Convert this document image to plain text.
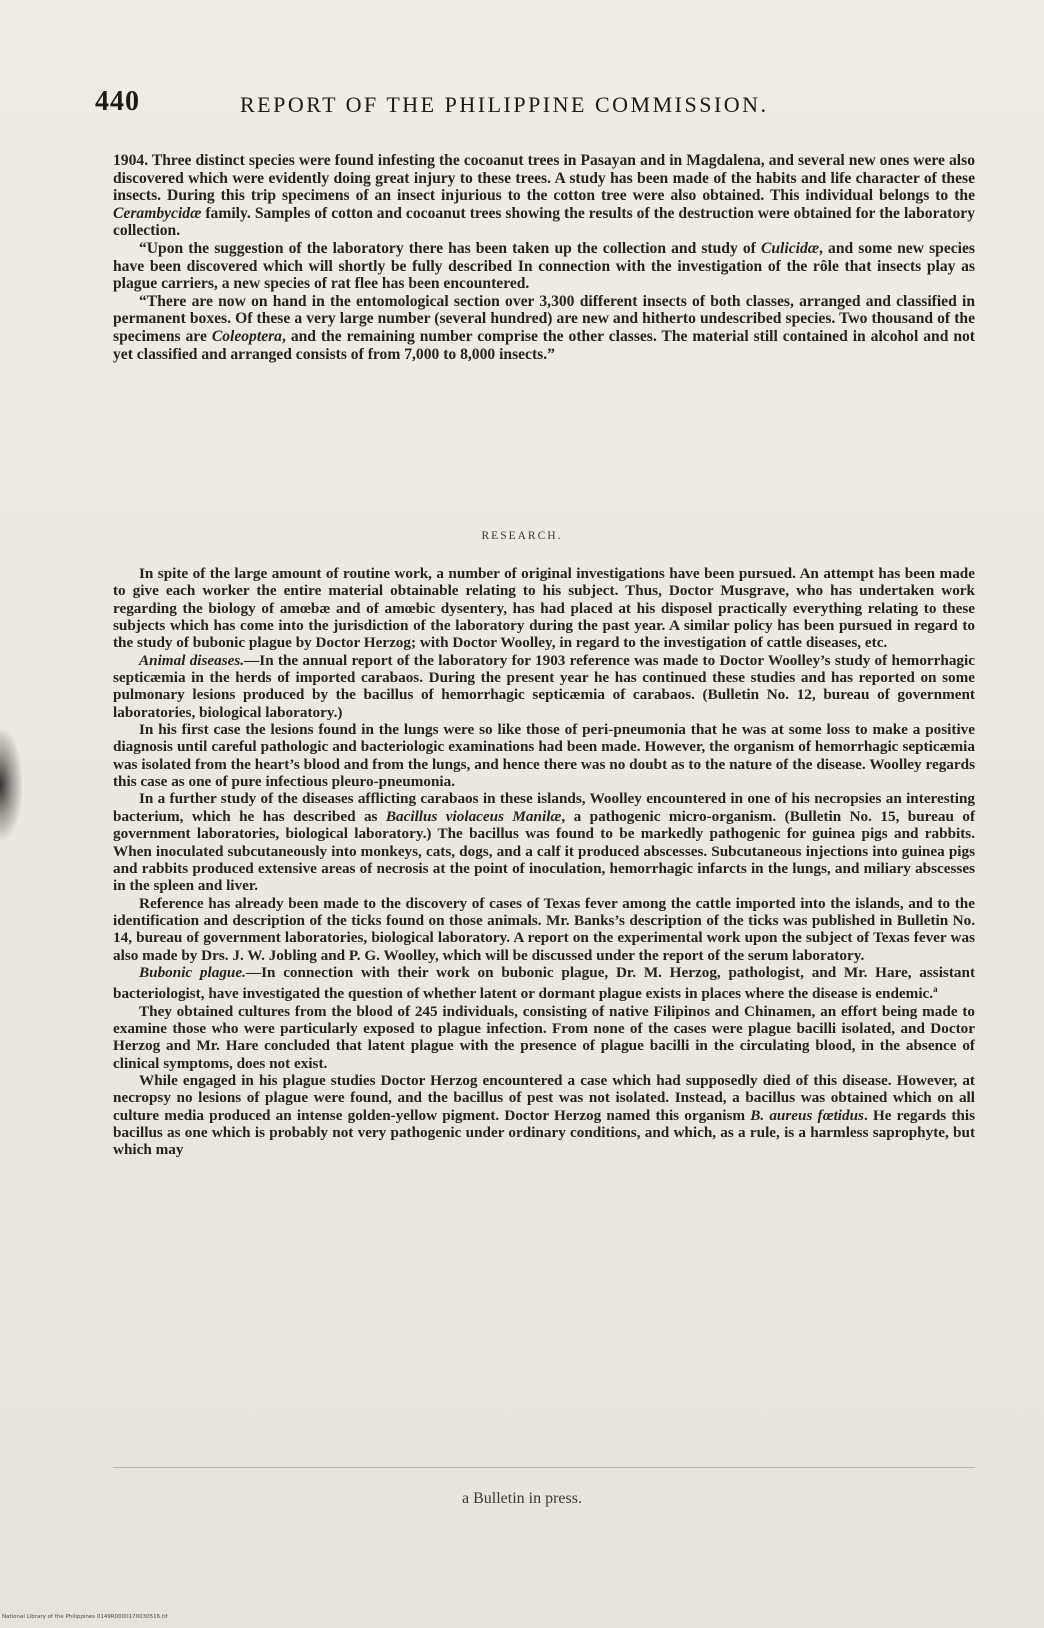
440	REPORT OF THE PHILIPPINE COMMISSION.

1904. Three distinct species were found infesting the cocoanut trees in Pasayan and in Magdalena, and several new ones were also discovered which were evidently doing great injury to these trees. A study has been made of the habits and life character of these insects. During this trip specimens of an insect injurious to the cotton tree were also obtained. This individual belongs to the Cerambycidæ family. Samples of cotton and cocoanut trees showing the results of the destruction were obtained for the laboratory collection.

“Upon the suggestion of the laboratory there has been taken up the collection and study of Culicidæ, and some new species have been discovered which will shortly be fully described In connection with the investigation of the rôle that insects play as plague carriers, a new species of rat flee has been encountered.

“There are now on hand in the entomological section over 3,300 different insects of both classes, arranged and classified in permanent boxes. Of these a very large number (several hundred) are new and hitherto undescribed species. Two thousand of the specimens are Coleoptera, and the remaining number comprise the other classes. The material still contained in alcohol and not yet classified and arranged consists of from 7,000 to 8,000 insects.”

RESEARCH.

In spite of the large amount of routine work, a number of original investigations have been pursued. An attempt has been made to give each worker the entire material obtainable relating to his subject. Thus, Doctor Musgrave, who has undertaken work regarding the biology of amœbæ and of amœbic dysentery, has had placed at his disposel practically everything relating to these subjects which has come into the jurisdiction of the laboratory during the past year. A similar policy has been pursued in regard to the study of bubonic plague by Doctor Herzog; with Doctor Woolley, in regard to the investigation of cattle diseases, etc.

Animal diseases.—In the annual report of the laboratory for 1903 reference was made to Doctor Woolley’s study of hemorrhagic septicæmia in the herds of imported carabaos. During the present year he has continued these studies and has reported on some pulmonary lesions produced by the bacillus of hemorrhagic septicæmia of carabaos. (Bulletin No. 12, bureau of government laboratories, biological laboratory.)

In his first case the lesions found in the lungs were so like those of peri-pneumonia that he was at some loss to make a positive diagnosis until careful pathologic and bacteriologic examinations had been made. However, the organism of hemorrhagic septicæmia was isolated from the heart’s blood and from the lungs, and hence there was no doubt as to the nature of the disease. Woolley regards this case as one of pure infectious pleuro-pneumonia.

In a further study of the diseases afflicting carabaos in these islands, Woolley encountered in one of his necropsies an interesting bacterium, which he has described as Bacillus violaceus Manilæ, a pathogenic micro-organism. (Bulletin No. 15, bureau of government laboratories, biological laboratory.) The bacillus was found to be markedly pathogenic for guinea pigs and rabbits. When inoculated subcutaneously into monkeys, cats, dogs, and a calf it produced abscesses. Subcutaneous injections into guinea pigs and rabbits produced extensive areas of necrosis at the point of inoculation, hemorrhagic infarcts in the lungs, and miliary abscesses in the spleen and liver.

Reference has already been made to the discovery of cases of Texas fever among the cattle imported into the islands, and to the identification and description of the ticks found on those animals. Mr. Banks’s description of the ticks was published in Bulletin No. 14, bureau of government laboratories, biological laboratory. A report on the experimental work upon the subject of Texas fever was also made by Drs. J. W. Jobling and P. G. Woolley, which will be discussed under the report of the serum laboratory.

Bubonic plague.—In connection with their work on bubonic plague, Dr. M. Herzog, pathologist, and Mr. Hare, assistant bacteriologist, have investigated the question of whether latent or dormant plague exists in places where the disease is endemic.$^a$

They obtained cultures from the blood of 245 individuals, consisting of native Filipinos and Chinamen, an effort being made to examine those who were particularly exposed to plague infection. From none of the cases were plague bacilli isolated, and Doctor Herzog and Mr. Hare concluded that latent plague with the presence of plague bacilli in the circulating blood, in the absence of clinical symptoms, does not exist.

While engaged in his plague studies Doctor Herzog encountered a case which had supposedly died of this disease. However, at necropsy no lesions of plague were found, and the bacillus of pest was not isolated. Instead, a bacillus was obtained which on all culture media produced an intense golden-yellow pigment. Doctor Herzog named this organism B. aureus fœtidus. He regards this bacillus as one which is probably not very pathogenic under ordinary conditions, and which, as a rule, is a harmless saprophyte, but which may

a Bulletin in press.
National Library of the Philippines 0149R0000170030516.tif
